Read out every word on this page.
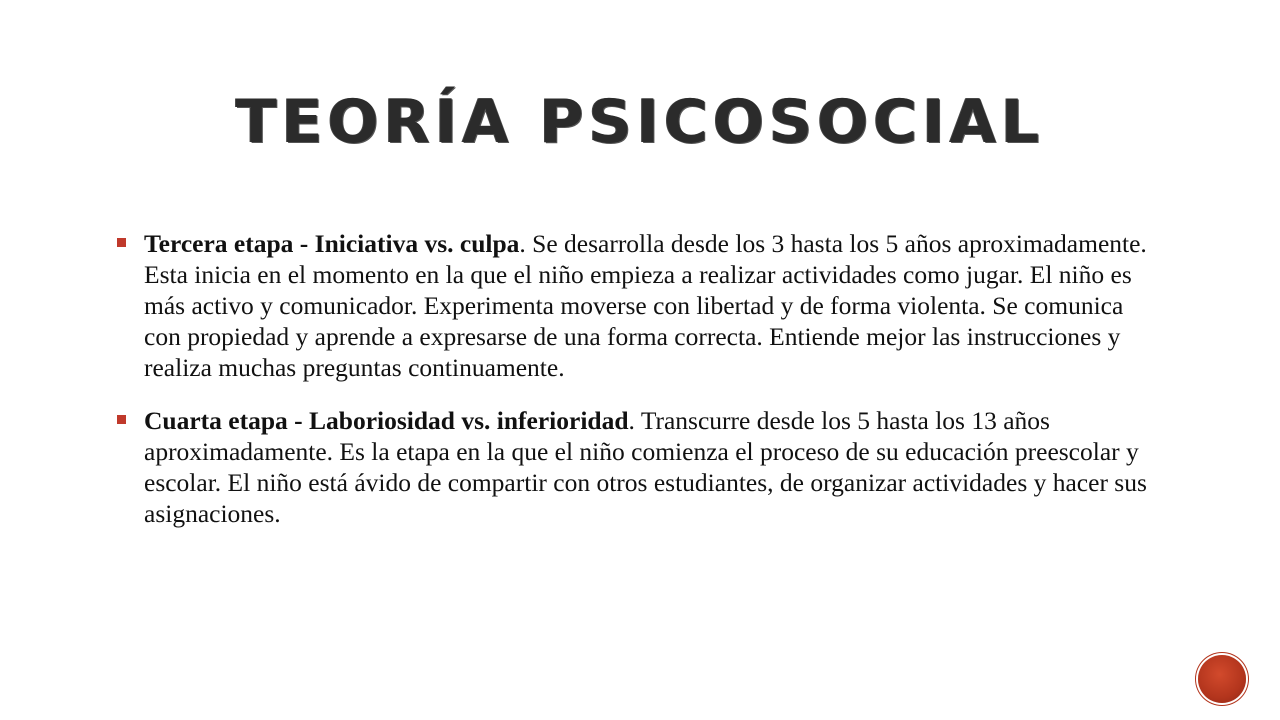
TEORÍA PSICOSOCIAL
Tercera etapa - Iniciativa vs. culpa. Se desarrolla desde los 3 hasta los 5 años aproximadamente. Esta inicia en el momento en la que el niño empieza a realizar actividades como jugar. El niño es más activo y comunicador. Experimenta moverse con libertad y de forma violenta. Se comunica con propiedad y aprende a expresarse de una forma correcta. Entiende mejor las instrucciones y realiza muchas preguntas continuamente.
Cuarta etapa - Laboriosidad vs. inferioridad. Transcurre desde los 5 hasta los 13 años aproximadamente. Es la etapa en la que el niño comienza el proceso de su educación preescolar y escolar. El niño está ávido de compartir con otros estudiantes, de organizar actividades y hacer sus asignaciones.
